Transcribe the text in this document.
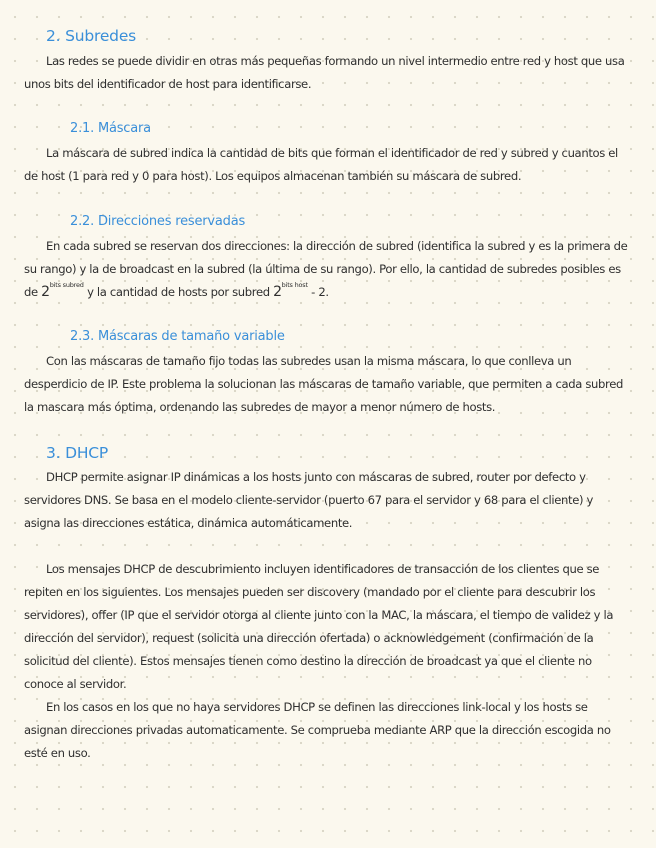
2. Subredes

Las redes se puede dividir en otras más pequeñas formando un nivel intermedio entre red y host que usa unos bits del identificador de host para identificarse.

2.1. Máscara

La máscara de subred indica la cantidad de bits que forman el identificador de red y subred y cuantos el de host (1 para red y 0 para host). Los equipos almacenan también su máscara de subred.

2.2. Direcciones reservadas

En cada subred se reservan dos direcciones: la dirección de subred (identifica la subred y es la primera de su rango) y la de broadcast en la subred (la última de su rango). Por ello, la cantidad de subredes posibles es de $2^{bits subred}$ y la cantidad de hosts por subred $2^{bits host} - 2$.

2.3. Máscaras de tamaño variable

Con las máscaras de tamaño fijo todas las subredes usan la misma máscara, lo que conlleva un desperdicio de IP. Este problema la solucionan las máscaras de tamaño variable, que permiten a cada subred la mascara más óptima, ordenando las subredes de mayor a menor número de hosts.

3. DHCP

DHCP permite asignar IP dinámicas a los hosts junto con máscaras de subred, router por defecto y servidores DNS. Se basa en el modelo cliente-servidor (puerto 67 para el servidor y 68 para el cliente) y asigna las direcciones estática, dinámica automáticamente.

Los mensajes DHCP de descubrimiento incluyen identificadores de transacción de los clientes que se repiten en los siguientes. Los mensajes pueden ser discovery (mandado por el cliente para descubrir los servidores), offer (IP que el servidor otorga al cliente junto con la MAC, la máscara, el tiempo de validez y la dirección del servidor), request (solicita una dirección ofertada) o acknowledgement (confirmación de la solicitud del cliente). Estos mensajes tienen como destino la dirección de broadcast ya que el cliente no conoce al servidor.

En los casos en los que no haya servidores DHCP se definen las direcciones link-local y los hosts se asignan direcciones privadas automaticamente. Se comprueba mediante ARP que la dirección escogida no esté en uso.
